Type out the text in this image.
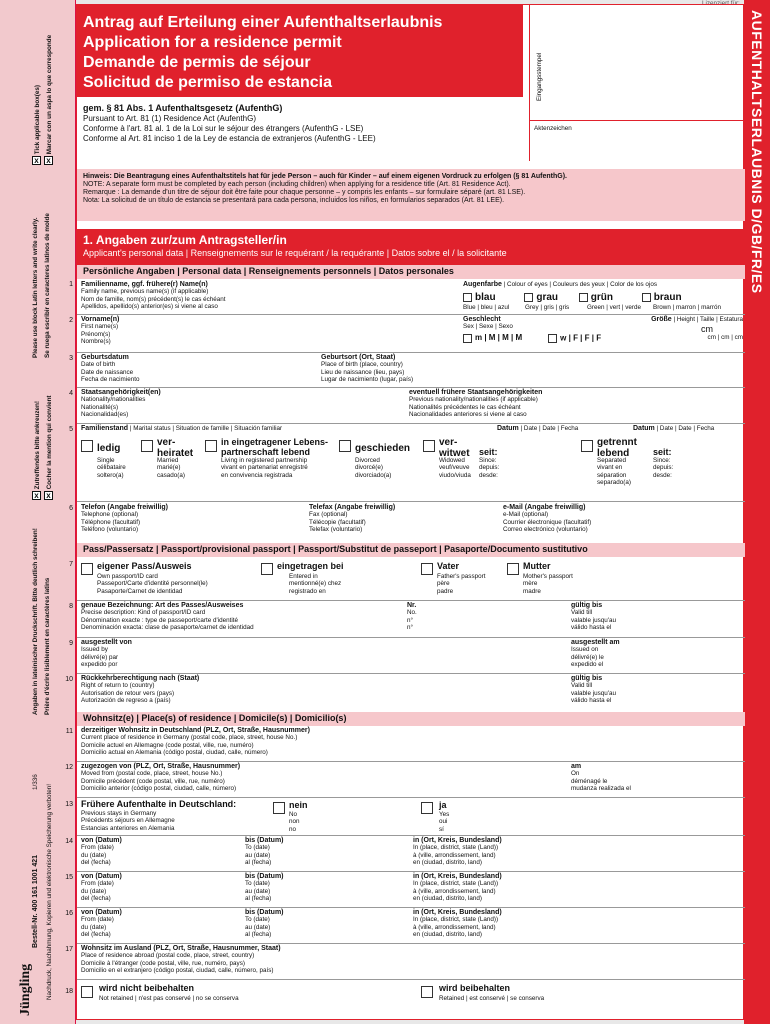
x Tick applicable box(es)
x Marcar con un aspa lo que corresponde
Please use block Latin letters and write clearly. Se ruega escribir en caracteres latinos de molde
x Zutreffendes bitte ankreuzen!
x Cocher la mention qui convient
Angaben in lateinischer Druckschrift. Bitte deutlich schreiben! Prière d'écrire lisiblement en caractères latins
Jüngling
Bestell-Nr. 400 161 1001 421 Nachdruck, Nachahmung, Kopieren und elektronische Speicherung verboten!
1/336
AUFENTHALTSERLAUBNIS D/GB/FR/ES
Antrag auf Erteilung einer Aufenthaltserlaubnis
Application for a residence permit
Demande de permis de séjour
Solicitud de permiso de estancia	Eingangsstempel
gem. § 81 Abs. 1 Aufenthaltsgesetz (AufenthG)
Pursuant to Art. 81 (1) Residence Act (AufenthG)
Conforme à l'art. 81 al. 1 de la Loi sur le séjour des étrangers (AufenthG - LSE)
Conforme al Art. 81 inciso 1 de la Ley de estancia de extranjeros (AufenthG - LEE)
Aktenzeichen
Hinweis: Die Beantragung eines Aufenthaltstitels hat für jede Person – auch für Kinder – auf einem eigenen Vordruck zu erfolgen (§ 81 AufenthG).
NOTE: A separate form must be completed by each person (including children) when applying for a residence title (Art. 81 Residence Act).
Remarque : La demande d'un titre de séjour doit être faite pour chaque personne – y compris les enfants – sur formulaire séparé (art. 81 LSE).
Nota: La solicitud de un título de estancia se presentará para cada persona, incluidos los niños, en formularios separados (Art. 81 LEE).
1. Angaben zur/zum Antragsteller/in
Applicant's personal data | Renseignements sur le requérant / la requérante | Datos sobre el / la solicitante
Persönliche Angaben | Personal data | Renseignements personnels | Datos personales
1 Familienname, ggf. frühere(r) Name(n)
Family name, previous name(s) (if applicable)
Nom de famille, nom(s) précédent(s) le cas échéant
Apellidos, apellido(s) anterior(es) si viene al caso
Augenfarbe | Colour of eyes | Couleurs des yeux | Color de los ojos
blau	grau	grün	braun
Blue | bleu | azul Grey | gris | gris	Green | vert | verde Brown | marron | marrón
2 Vorname(n)
First name(s)
Prénom(s)
Nombre(s)
Geschlecht
Sex | Sexe | Sexo
m | M | M | M	w | F | F | F
Größe | Height | Taille | Estatura
cm
cm | cm | cm
3 Geburtsdatum
Date of birth
Date de naissance
Fecha de nacimiento
Geburtsort (Ort, Staat)
Place of birth (place, country)
Lieu de naissance (lieu, pays)
Lugar de nacimiento (lugar, país)
4 Staatsangehörigkeit(en)
Nationality/nationalities
Nationalité(s)
Nacionalidad(es)
eventuell frühere Staatsangehörigkeiten
Previous nationality/nationalities (if applicable)
Nationalités précédentes le cas échéant
Nacionalidades anteriores si viene al caso
5 Familienstand | Marital status | Situation de famille | Situación familiar	Datum | Date | Date | Fecha	Datum | Date | Date | Fecha
ledig
Single
célibataire
soltero(a)
ver- heiratet
Married
marié(e)
casado(a)
in eingetragener Lebens- partnerschaft lebend
Living in registered partnership
vivant en partenariat enregistré
en convivencia registrada
geschieden
Divorced
divorcé(e)
divorciado(a)
ver- witwet	seit:
Widowed
veuf/veuve
viudo/viuda
Since:
depuis:
desde:
getrennt lebend	seit:
Separated
vivant en
séparation
separado(a)
Since:
depuis:
desde:
6 Telefon (Angabe freiwillig)
Telephone (optional)
Téléphone (facultatif)
Teléfono (voluntario)
Telefax (Angabe freiwillig)
Fax (optional)
Télécopie (facultatif)
Telefax (voluntario)
e-Mail (Angabe freiwillig)
e-Mail (optional)
Courrier électronique (facultatif)
Correo electrónico (voluntario)
Pass/Passersatz | Passport/provisional passport | Passport/Substitut de passeport | Pasaporte/Documento sustitutivo
7	eigener Pass/Ausweis
Own passport/ID card
Passeport/Carte d'identité personnel(le)
Pasaporte/Carnet de identidad
eingetragen bei
Entered in
mentionné(e) chez
registrado en
Vater
Father's passport
père
padre
Mutter
Mother's passport
mère
madre
8 genaue Bezeichnung: Art des Passes/Ausweises
Precise description: Kind of passport/ID card
Dénomination exacte : type de passeport/carte d'identité
Denominación exacta: clase de pasaporte/carnet de identidad
Nr.
No.
n°
n°
gültig bis
Valid till
valable jusqu'au
válido hasta el
9 ausgestellt von
Issued by
délivré(e) par
expedido por
ausgestellt am
Issued on
délivré(e) le
expedido el
10 Rückkehrberechtigung nach (Staat)
Right of return to (country)
Autorisation de retour vers (pays)
Autorización de regreso a (país)
gültig bis
Valid till
valable jusqu'au
válido hasta el
Wohnsitz(e) | Place(s) of residence | Domicile(s) | Domicilio(s)
11 derzeitiger Wohnsitz in Deutschland (PLZ, Ort, Straße, Hausnummer)
Current place of residence in Germany (postal code, place, street, house No.)
Domicile actuel en Allemagne (code postal, ville, rue, numéro)
Domicilio actual en Alemania (código postal, ciudad, calle, número)
12 zugezogen von (PLZ, Ort, Straße, Hausnummer)
Moved from (postal code, place, street, house No.)
Domicile précédent (code postal, ville, rue, numéro)
Domicilio anterior (código postal, ciudad, calle, número)
am
On
déménagé le
mudanza realizada el
13 Frühere Aufenthalte in Deutschland:
Previous stays in Germany
Précédents séjours en Allemagne
Estancias anteriores en Alemania
nein
No
non
no
ja
Yes
oui
sí
14 von (Datum)
From (date)
du (date)
del (fecha)
bis (Datum)
To (date)
au (date)
al (fecha)
in (Ort, Kreis, Bundesland)
In (place, district, state (Land))
à (ville, arrondissement, land)
en (ciudad, distrito, land)
15 von (Datum)
From (date)
du (date)
del (fecha)
bis (Datum)
To (date)
au (date)
al (fecha)
in (Ort, Kreis, Bundesland)
In (place, district, state (Land))
à (ville, arrondissement, land)
en (ciudad, distrito, land)
16 von (Datum)
From (date)
du (date)
del (fecha)
bis (Datum)
To (date)
au (date)
al (fecha)
in (Ort, Kreis, Bundesland)
In (place, district, state (Land))
à (ville, arrondissement, land)
en (ciudad, distrito, land)
17 Wohnsitz im Ausland (PLZ, Ort, Straße, Hausnummer, Staat)
Place of residence abroad (postal code, place, street, country)
Domicile à l'étranger (code postal, ville, rue, numéro, pays)
Domicilio en el extranjero (código postal, ciudad, calle, número, país)
18	wird nicht beibehalten
Not retained | n'est pas conservé | no se conserva
wird beibehalten
Retained | est conservé | se conserva
